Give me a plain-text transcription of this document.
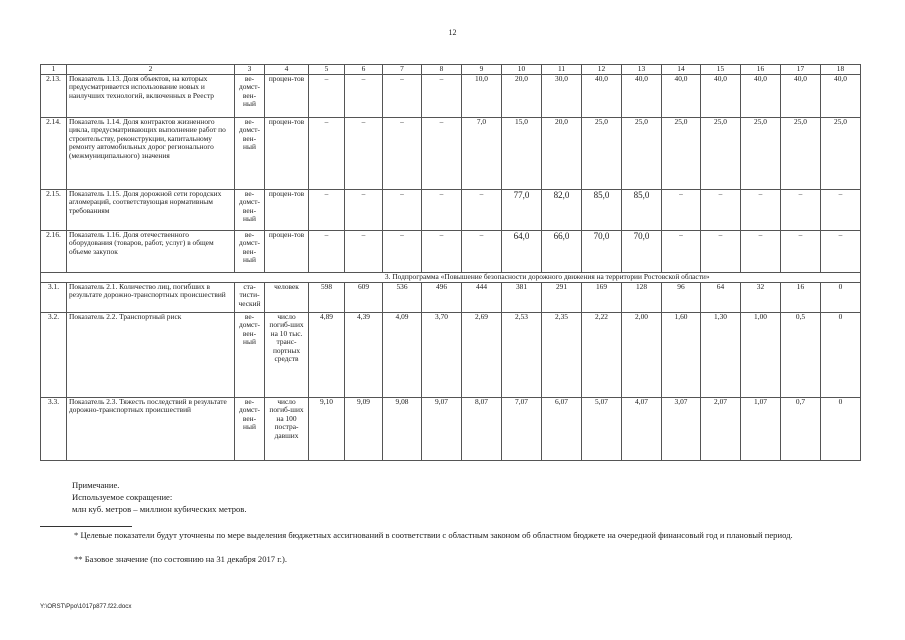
12
1	2	3	4	5	6	7	8	9	10	11	12	13	14	15	16	17	18
2.13.	Показатель 1.13. Доля объектов, на которых предусматривается использование новых и наилучших технологий, включенных в Реестр	ве-домст-вен-ный	процен-тов	–	–	–	–	10,0	20,0	30,0	40,0	40,0	40,0	40,0	40,0	40,0	40,0
2.14.	Показатель 1.14. Доля контрактов жизненного цикла, предусматривающих выполнение работ по строительству, реконструкции, капитальному ремонту автомобильных дорог регионального (межмуниципального) значения	ве-домст-вен-ный	процен-тов	–	–	–	–	7,0	15,0	20,0	25,0	25,0	25,0	25,0	25,0	25,0	25,0
2.15.	Показатель 1.15. Доля дорожной сети городских агломераций, соответствующая нормативным требованиям	ве-домст-вен-ный	процен-тов	–	–	–	–	–	77,0	82,0	85,0	85,0	–	–	–	–	–
2.16.	Показатель 1.16. Доля отечественного оборудования (товаров, работ, услуг) в общем объеме закупок	ве-домст-вен-ный	процен-тов	–	–	–	–	–	64,0	66,0	70,0	70,0	–	–	–	–	–
		3. Подпрограмма «Повышение безопасности дорожного движения на территории Ростовской области»															
3.1.	Показатель 2.1. Количество лиц, погибших в результате дорожно-транспортных происшествий	ста-тисти-ческий	человек	598	609	536	496	444	381	291	169	128	96	64	32	16	0
3.2.	Показатель 2.2. Транспортный риск	ве-домст-вен-ный	число погиб-ших на 10 тыс. транс-портных средств	4,89	4,39	4,09	3,70	2,69	2,53	2,35	2,22	2,00	1,60	1,30	1,00	0,5	0
3.3.	Показатель 2.3. Тяжесть последствий в результате дорожно-транспортных происшествий	ве-домст-вен-ный	число погиб-ших на 100 постра-давших	9,10	9,09	9,08	9,07	8,07	7,07	6,07	5,07	4,07	3,07	2,07	1,07	0,7	0
Примечание.
Используемое сокращение:
млн куб. метров – миллион кубических метров.
* Целевые показатели будут уточнены по мере выделения бюджетных ассигнований в соответствии с областным законом об областном бюджете на очередной финансовый год и плановый период.
** Базовое значение (по состоянию на 31 декабря 2017 г.).
Y:\ORST\Ppo\1017p877.f22.docx
